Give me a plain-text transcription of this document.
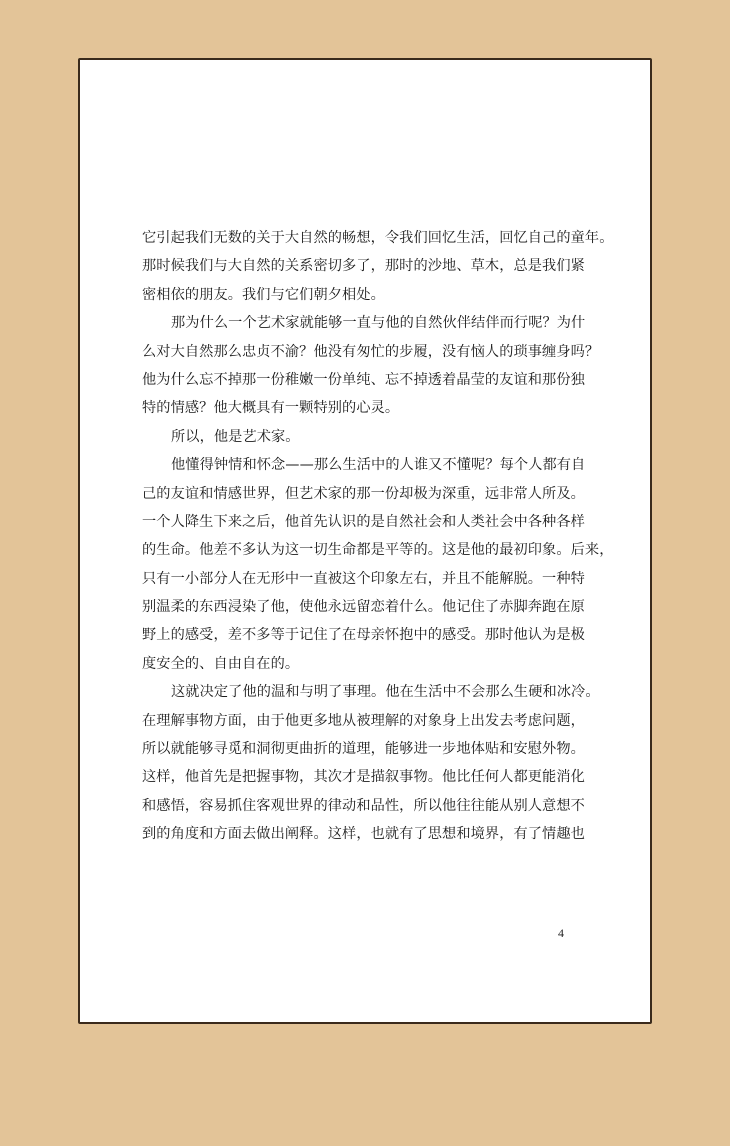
它引起我们无数的关于大自然的畅想，令我们回忆生活，回忆自己的童年。
那时候我们与大自然的关系密切多了，那时的沙地、草木，总是我们紧
密相依的朋友。我们与它们朝夕相处。
那为什么一个艺术家就能够一直与他的自然伙伴结伴而行呢？为什
么对大自然那么忠贞不渝？他没有匆忙的步履，没有恼人的琐事缠身吗？
他为什么忘不掉那一份稚嫩一份单纯、忘不掉透着晶莹的友谊和那份独
特的情感？他大概具有一颗特别的心灵。
所以，他是艺术家。
他懂得钟情和怀念——那么生活中的人谁又不懂呢？每个人都有自
己的友谊和情感世界，但艺术家的那一份却极为深重，远非常人所及。
一个人降生下来之后，他首先认识的是自然社会和人类社会中各种各样
的生命。他差不多认为这一切生命都是平等的。这是他的最初印象。后来，
只有一小部分人在无形中一直被这个印象左右，并且不能解脱。一种特
别温柔的东西浸染了他，使他永远留恋着什么。他记住了赤脚奔跑在原
野上的感受，差不多等于记住了在母亲怀抱中的感受。那时他认为是极
度安全的、自由自在的。
这就决定了他的温和与明了事理。他在生活中不会那么生硬和冰冷。
在理解事物方面，由于他更多地从被理解的对象身上出发去考虑问题，
所以就能够寻觅和洞彻更曲折的道理，能够进一步地体贴和安慰外物。
这样，他首先是把握事物，其次才是描叙事物。他比任何人都更能消化
和感悟，容易抓住客观世界的律动和品性，所以他往往能从别人意想不
到的角度和方面去做出阐释。这样，也就有了思想和境界，有了情趣也
4
